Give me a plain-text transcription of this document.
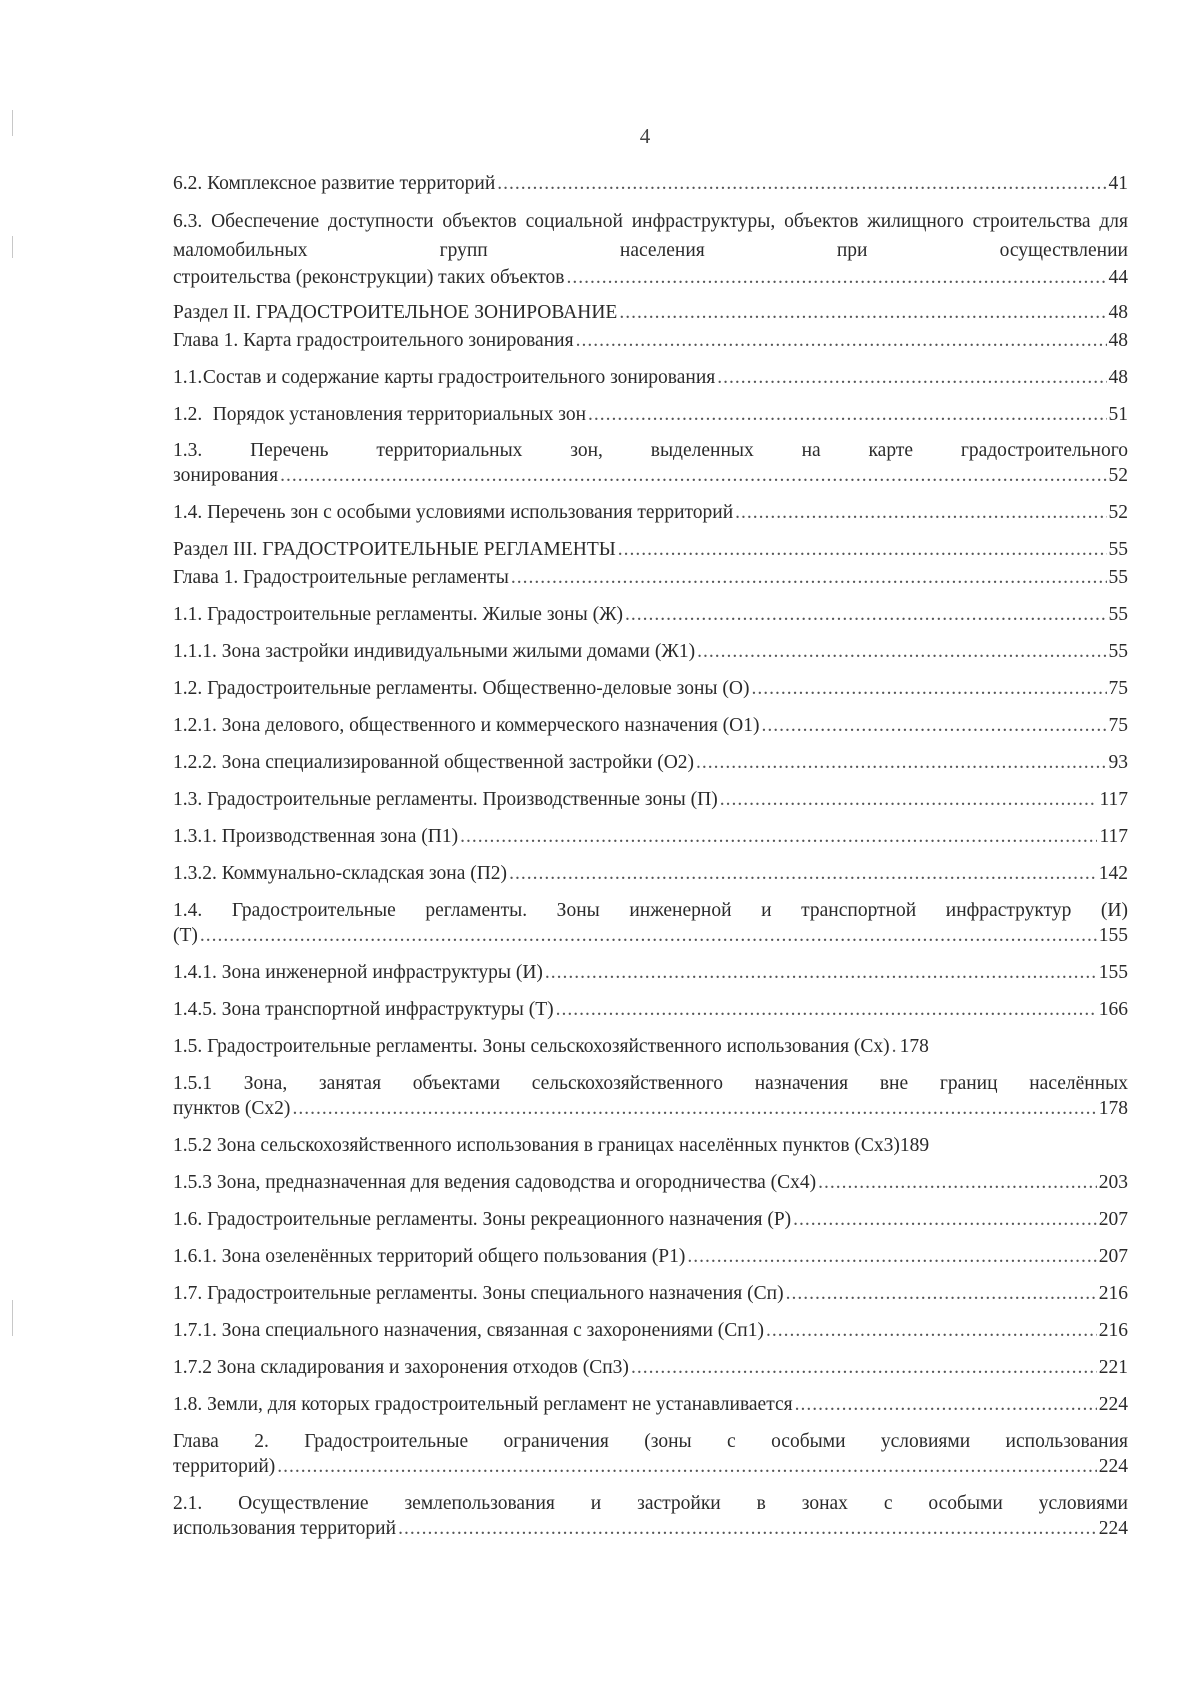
4
6.2. Комплексное развитие территорий .....	41
6.3. Обеспечение доступности объектов социальной инфраструктуры, объектов жилищного строительства для маломобильных групп населения при осуществлении
строительства (реконструкции) таких объектов .....	44
Раздел II. ГРАДОСТРОИТЕЛЬНОЕ ЗОНИРОВАНИЕ .....	48
Глава 1. Карта градостроительного зонирования .....	48
1.1. Состав и содержание карты градостроительного зонирования .....	48
1.2. Порядок установления территориальных зон .....	51
1.3. Перечень территориальных зон, выделенных на карте градостроительного
зонирования .....	52
1.4. Перечень зон с особыми условиями использования территорий .....	52
Раздел III. ГРАДОСТРОИТЕЛЬНЫЕ РЕГЛАМЕНТЫ .....	55
Глава 1. Градостроительные регламенты .....	55
1.1. Градостроительные регламенты. Жилые зоны (Ж) .....	55
1.1.1. Зона застройки индивидуальными жилыми домами (Ж1) .....	55
1.2. Градостроительные регламенты. Общественно-деловые зоны (О) .....	75
1.2.1. Зона делового, общественного и коммерческого назначения (О1) .....	75
1.2.2. Зона специализированной общественной застройки (О2) .....	93
1.3. Градостроительные регламенты. Производственные зоны (П) .....	117
1.3.1. Производственная зона (П1) .....	117
1.3.2. Коммунально-складская зона (П2) .....	142
1.4. Градостроительные регламенты. Зоны инженерной и транспортной инфраструктур (И)
(Т) .....	155
1.4.1. Зона инженерной инфраструктуры (И) .....	155
1.4.5. Зона транспортной инфраструктуры (Т) .....	166
1.5. Градостроительные регламенты. Зоны сельскохозяйственного использования (Сх) ..... 178
1.5.1 Зона, занятая объектами сельскохозяйственного назначения вне границ населённых
пунктов (Сх2) .....	178
1.5.2 Зона сельскохозяйственного использования в границах населённых пунктов (Сх3) 189
1.5.3 Зона, предназначенная для ведения садоводства и огородничества (Сх4) .....	203
1.6. Градостроительные регламенты. Зоны рекреационного назначения (Р) .....	207
1.6.1. Зона озеленённых территорий общего пользования (Р1) .....	207
1.7. Градостроительные регламенты. Зоны специального назначения (Сп) .....	216
1.7.1. Зона специального назначения, связанная с захоронениями (Сп1) .....	216
1.7.2 Зона складирования и захоронения отходов (Сп3) .....	221
1.8. Земли, для которых градостроительный регламент не устанавливается .....	224
Глава 2. Градостроительные ограничения (зоны с особыми условиями использования
территорий) .....	224
2.1. Осуществление землепользования и застройки в зонах с особыми условиями
использования территорий .....	224
